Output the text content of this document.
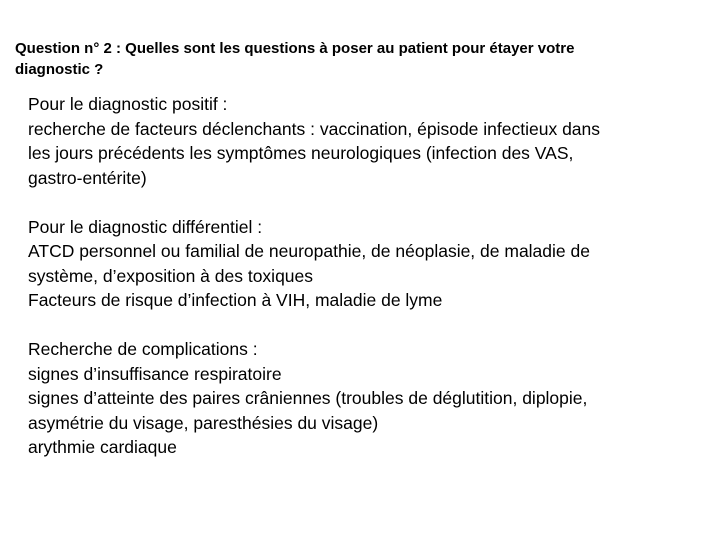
Question n° 2 : Quelles sont les questions à poser au patient pour étayer votre
diagnostic ?
Pour le diagnostic positif :
recherche de facteurs déclenchants : vaccination, épisode infectieux dans
les jours précédents les symptômes neurologiques (infection des VAS,
gastro-entérite)
Pour le diagnostic différentiel :
ATCD personnel ou familial de neuropathie, de néoplasie, de maladie de
système, d’exposition à des toxiques
Facteurs de risque d’infection à VIH, maladie de lyme
Recherche de complications :
signes d’insuffisance respiratoire
signes d’atteinte des paires crâniennes (troubles de déglutition, diplopie,
asymétrie du visage, paresthésies du visage)
arythmie cardiaque
